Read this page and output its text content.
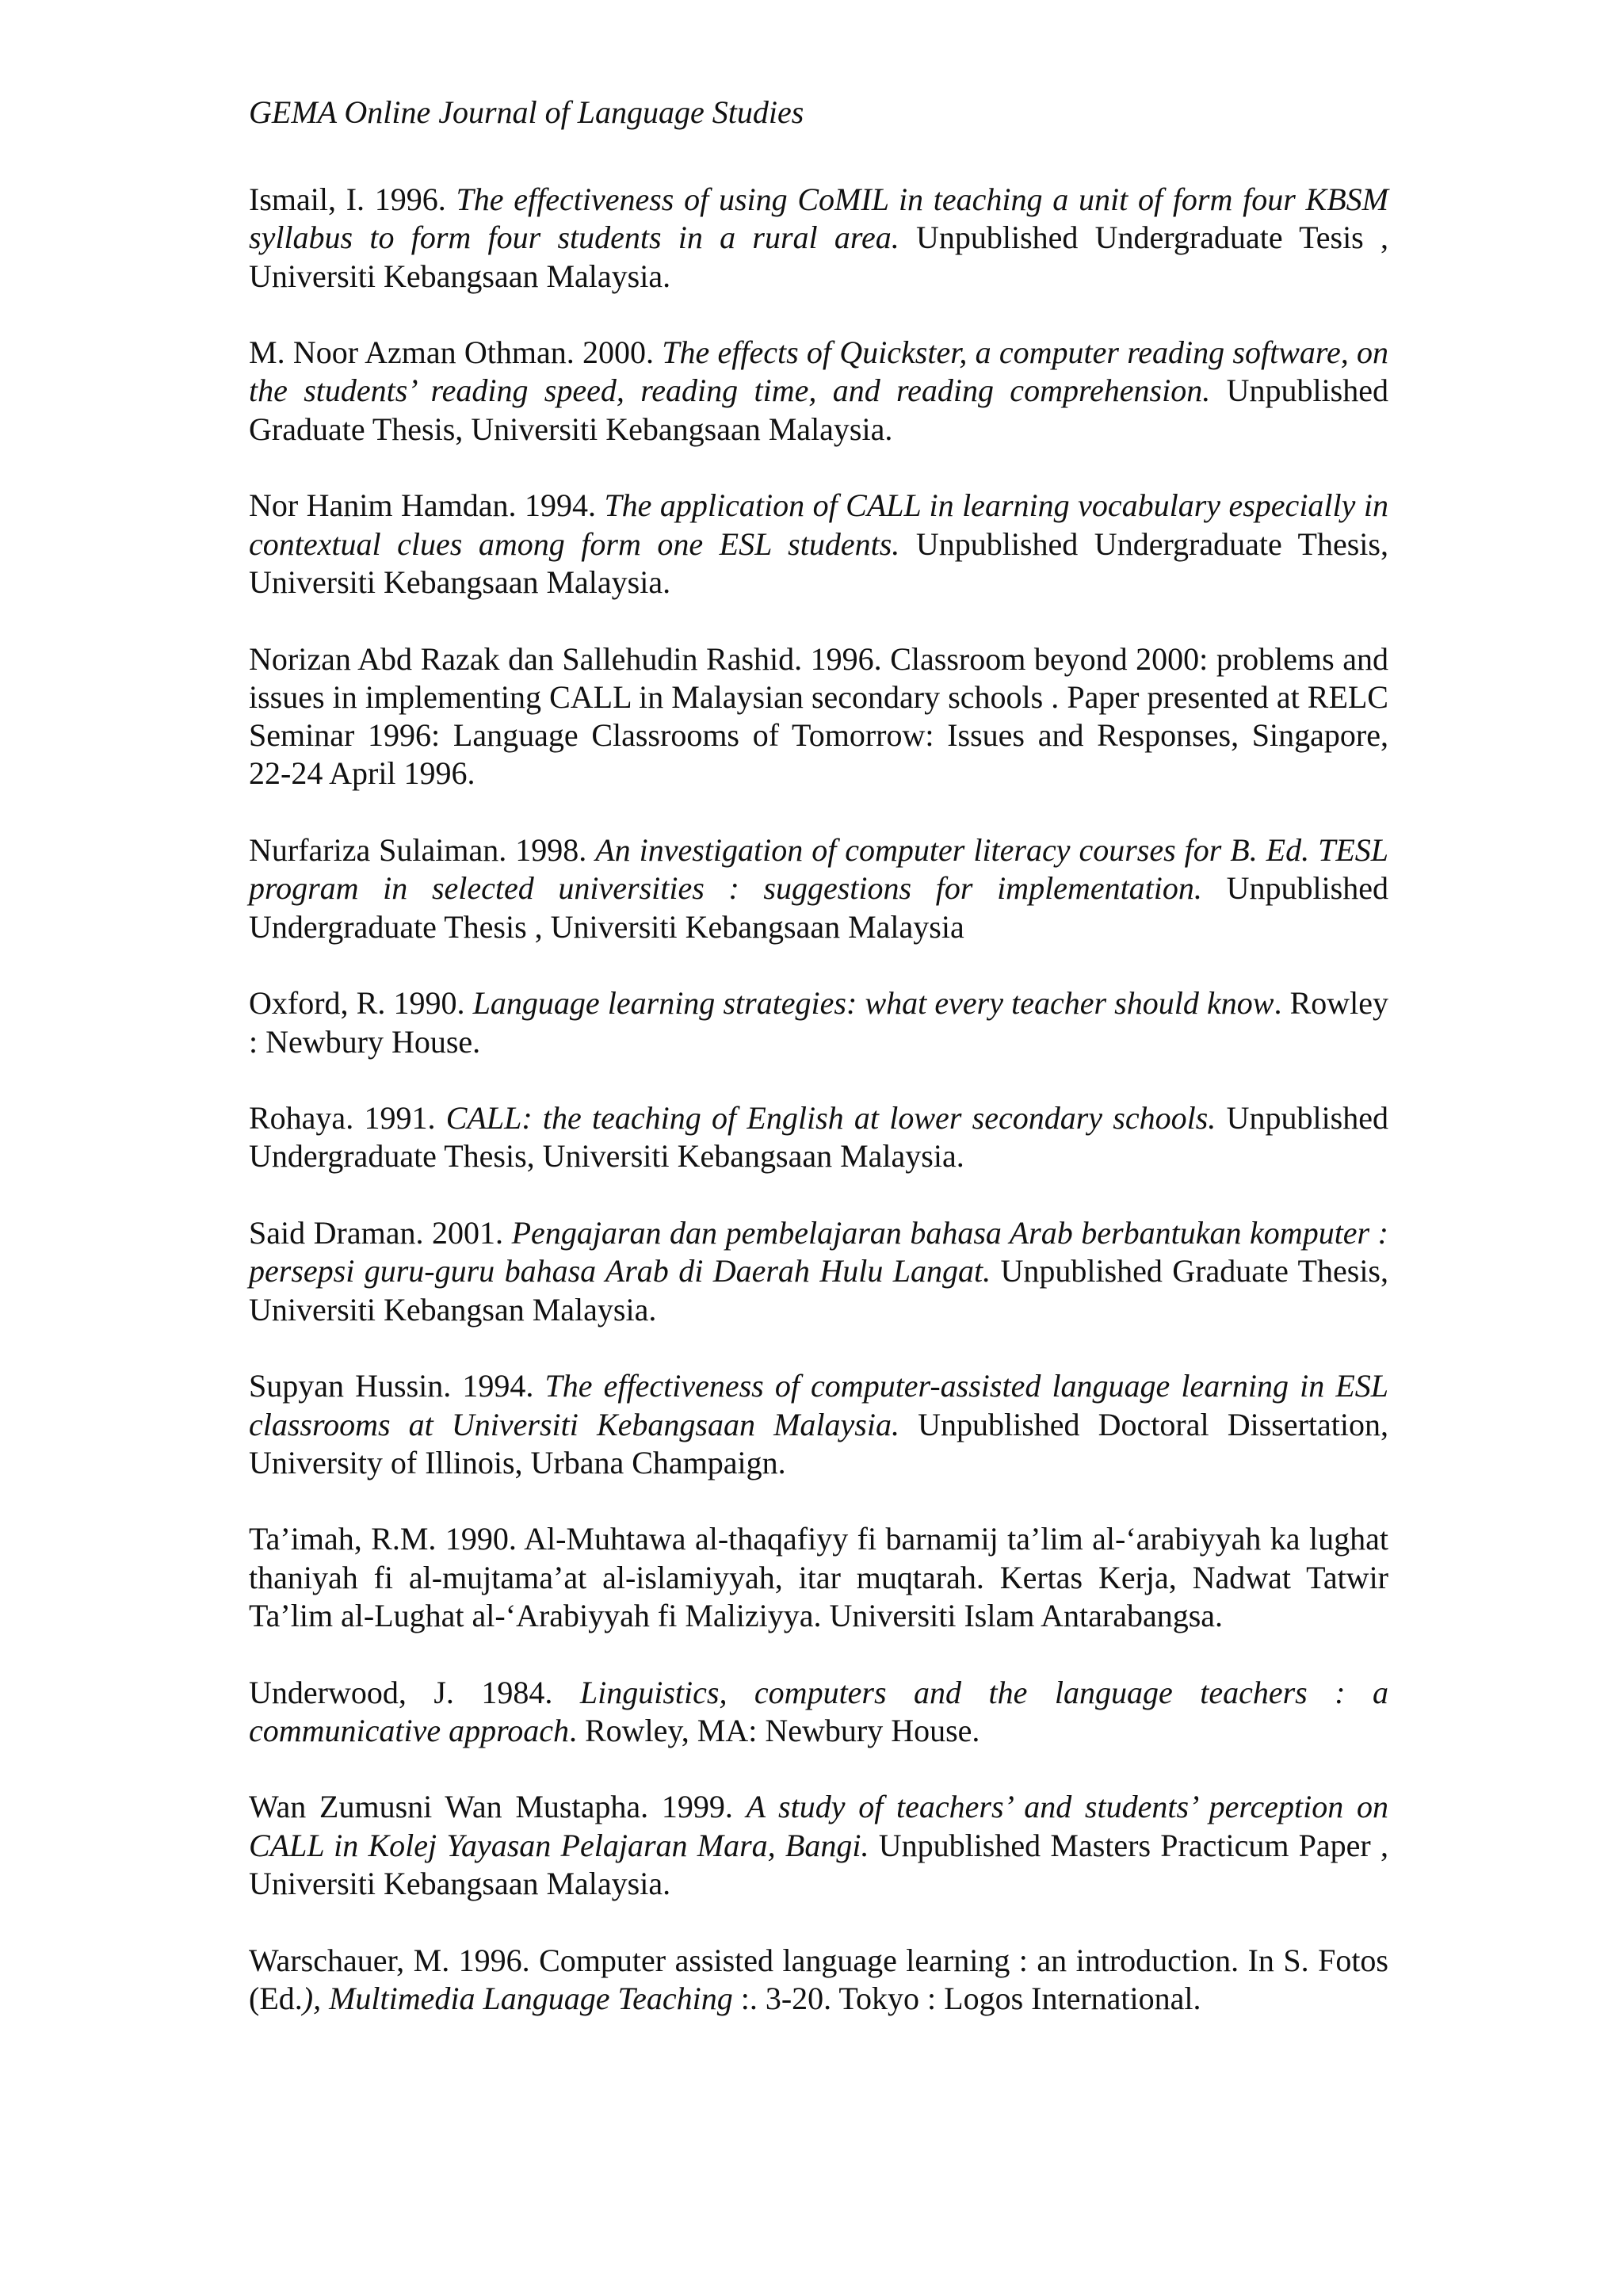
GEMA Online Journal of Language Studies

Ismail, I. 1996. The effectiveness of using CoMIL in teaching a unit of form four KBSM syllabus to form four students in a rural area. Unpublished Undergraduate Tesis , Universiti Kebangsaan Malaysia.

M. Noor Azman Othman. 2000. The effects of Quickster, a computer reading software, on the students’ reading speed, reading time, and reading comprehension. Unpublished Graduate Thesis, Universiti Kebangsaan Malaysia.

Nor Hanim Hamdan. 1994. The application of CALL in learning vocabulary especially in contextual clues among form one ESL students. Unpublished Undergraduate Thesis, Universiti Kebangsaan Malaysia.

Norizan Abd Razak dan Sallehudin Rashid. 1996. Classroom beyond 2000: problems and issues in implementing CALL in Malaysian secondary schools . Paper presented at RELC Seminar 1996: Language Classrooms of Tomorrow: Issues and Responses, Singapore, 22-24 April 1996.

Nurfariza Sulaiman. 1998. An investigation of computer literacy courses for B. Ed. TESL program in selected universities : suggestions for implementation. Unpublished Undergraduate Thesis , Universiti Kebangsaan Malaysia

Oxford, R. 1990. Language learning strategies: what every teacher should know. Rowley : Newbury House.

Rohaya. 1991. CALL: the teaching of English at lower secondary schools. Unpublished Undergraduate Thesis, Universiti Kebangsaan Malaysia.

Said Draman. 2001. Pengajaran dan pembelajaran bahasa Arab berbantukan komputer : persepsi guru-guru bahasa Arab di Daerah Hulu Langat. Unpublished Graduate Thesis, Universiti Kebangsan Malaysia.

Supyan Hussin. 1994. The effectiveness of computer-assisted language learning in ESL classrooms at Universiti Kebangsaan Malaysia. Unpublished Doctoral Dissertation, University of Illinois, Urbana Champaign.

Ta’imah, R.M. 1990. Al-Muhtawa al-thaqafiyy fi barnamij ta’lim al-‘arabiyyah ka lughat thaniyah fi al-mujtama’at al-islamiyyah, itar muqtarah. Kertas Kerja, Nadwat Tatwir Ta’lim al-Lughat al-‘Arabiyyah fi Maliziyya. Universiti Islam Antarabangsa.

Underwood, J. 1984. Linguistics, computers and the language teachers : a communicative approach. Rowley, MA: Newbury House.

Wan Zumusni Wan Mustapha. 1999. A study of teachers’ and students’ perception on CALL in Kolej Yayasan Pelajaran Mara, Bangi. Unpublished Masters Practicum Paper , Universiti Kebangsaan Malaysia.

Warschauer, M. 1996. Computer assisted language learning : an introduction. In S. Fotos (Ed.), Multimedia Language Teaching :. 3-20. Tokyo : Logos International.
